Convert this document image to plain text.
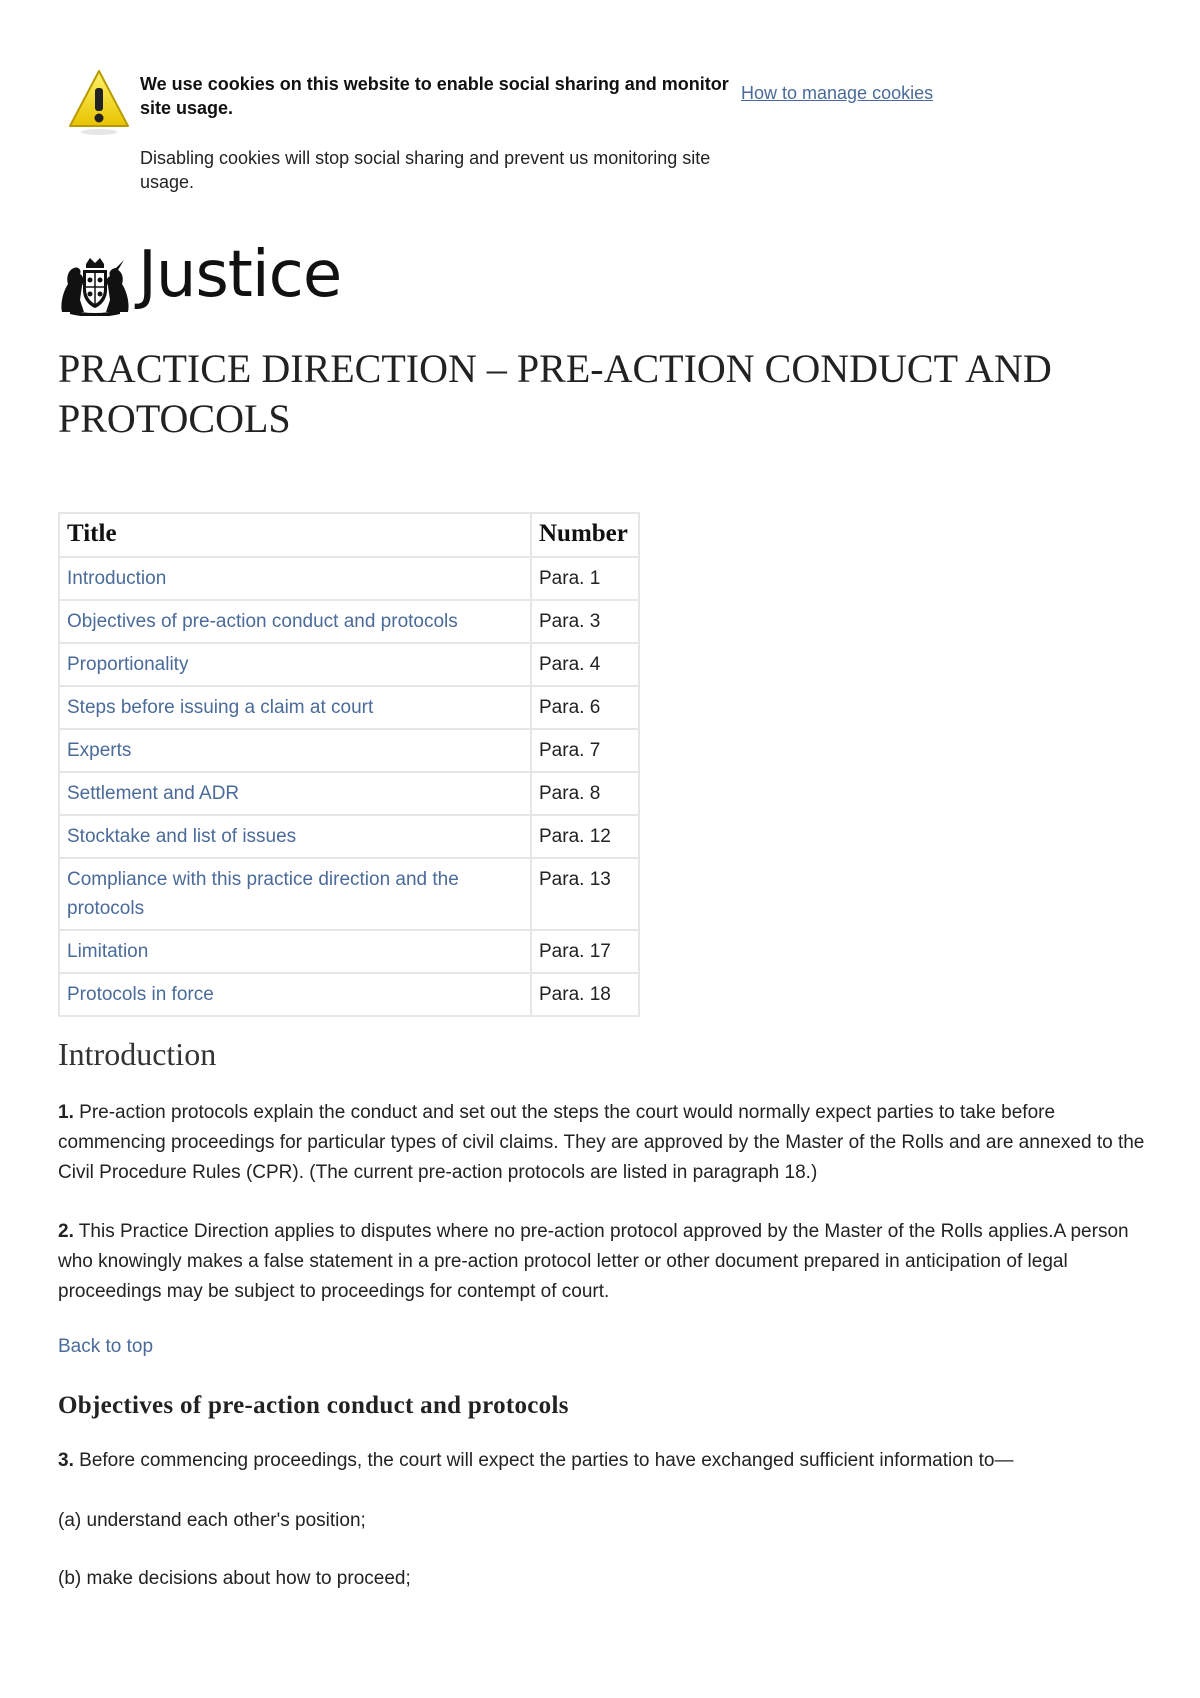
We use cookies on this website to enable social sharing and monitor site usage.
How to manage cookies
Disabling cookies will stop social sharing and prevent us monitoring site usage.
Justice
PRACTICE DIRECTION – PRE-ACTION CONDUCT AND PROTOCOLS
Title	Number
Introduction	Para. 1
Objectives of pre-action conduct and protocols	Para. 3
Proportionality	Para. 4
Steps before issuing a claim at court	Para. 6
Experts	Para. 7
Settlement and ADR	Para. 8
Stocktake and list of issues	Para. 12
Compliance with this practice direction and the protocols	Para. 13
Limitation	Para. 17
Protocols in force	Para. 18
Introduction

1. Pre-action protocols explain the conduct and set out the steps the court would normally expect parties to take before commencing proceedings for particular types of civil claims. They are approved by the Master of the Rolls and are annexed to the Civil Procedure Rules (CPR). (The current pre-action protocols are listed in paragraph 18.)

2. This Practice Direction applies to disputes where no pre-action protocol approved by the Master of the Rolls applies.A person who knowingly makes a false statement in a pre-action protocol letter or other document prepared in anticipation of legal proceedings may be subject to proceedings for contempt of court.

Back to top
Objectives of pre-action conduct and protocols

3. Before commencing proceedings, the court will expect the parties to have exchanged sufficient information to—

(a) understand each other's position;

(b) make decisions about how to proceed;
